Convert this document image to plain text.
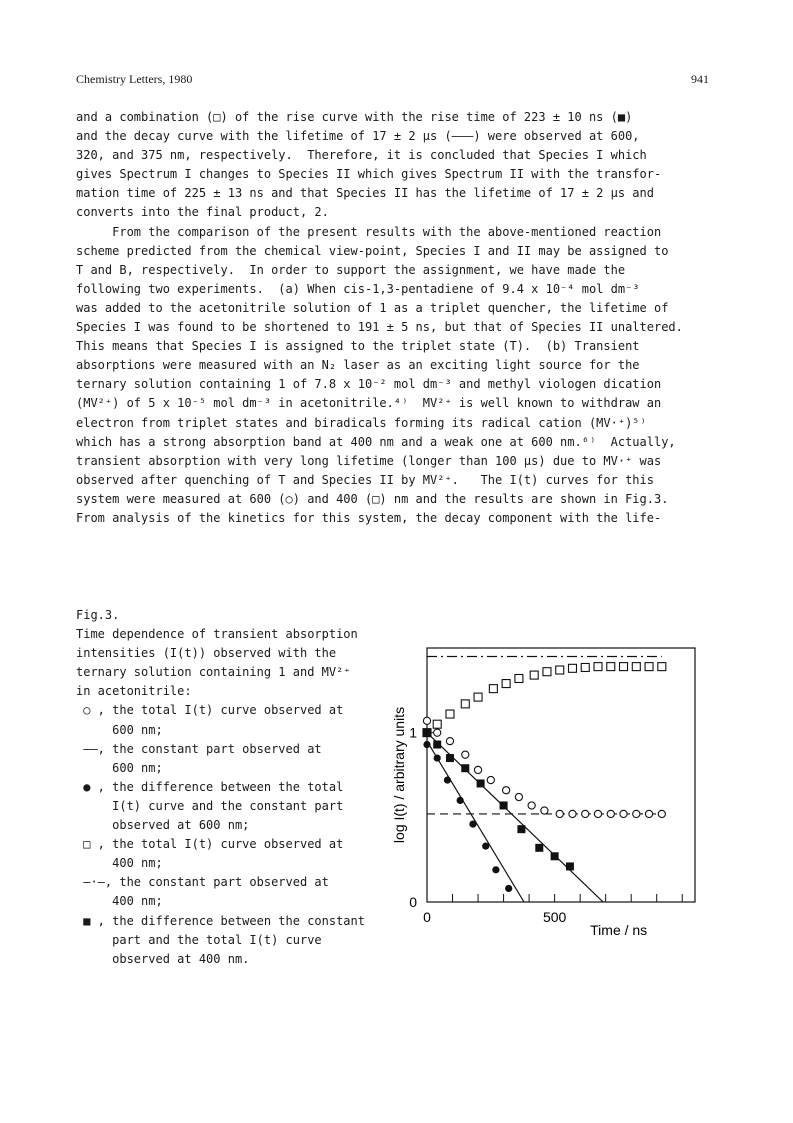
Chemistry Letters, 1980	941
and a combination (□) of the rise curve with the rise time of 223 ± 10 ns (■)
and the decay curve with the lifetime of 17 ± 2 μs (———) were observed at 600,
320, and 375 nm, respectively.  Therefore, it is concluded that Species I which
gives Spectrum I changes to Species II which gives Spectrum II with the transfor-
mation time of 225 ± 13 ns and that Species II has the lifetime of 17 ± 2 μs and
converts into the final product, 2.
From the comparison of the present results with the above-mentioned reaction
scheme predicted from the chemical view-point, Species I and II may be assigned to
T and B, respectively.  In order to support the assignment, we have made the
following two experiments.  (a) When cis-1,3-pentadiene of 9.4 x 10⁻⁴ mol dm⁻³
was added to the acetonitrile solution of 1 as a triplet quencher, the lifetime of
Species I was found to be shortened to 191 ± 5 ns, but that of Species II unaltered.
This means that Species I is assigned to the triplet state (T).  (b) Transient
absorptions were measured with an N₂ laser as an exciting light source for the
ternary solution containing 1 of 7.8 x 10⁻² mol dm⁻³ and methyl viologen dication
(MV²⁺) of 5 x 10⁻⁵ mol dm⁻³ in acetonitrile.⁴⁾  MV²⁺ is well known to withdraw an
electron from triplet states and biradicals forming its radical cation (MV·⁺)⁵⁾
which has a strong absorption band at 400 nm and a weak one at 600 nm.⁶⁾  Actually,
transient absorption with very long lifetime (longer than 100 μs) due to MV·⁺ was
observed after quenching of T and Species II by MV²⁺.   The I(t) curves for this
system were measured at 600 (○) and 400 (□) nm and the results are shown in Fig.3.
From analysis of the kinetics for this system, the decay component with the life-
Fig.3.
Time dependence of transient absorption
intensities (I(t)) observed with the
ternary solution containing 1 and MV²⁺
in acetonitrile:
○ , the total I(t) curve observed at
600 nm;
——, the constant part observed at
600 nm;
● , the difference between the total
I(t) curve and the constant part
observed at 600 nm;
□ , the total I(t) curve observed at
400 nm;
—·—, the constant part observed at
400 nm;
■ , the difference between the constant
part and the total I(t) curve
observed at 400 nm.
0	500
0
1
Time / ns
log I(t) / arbitrary units
